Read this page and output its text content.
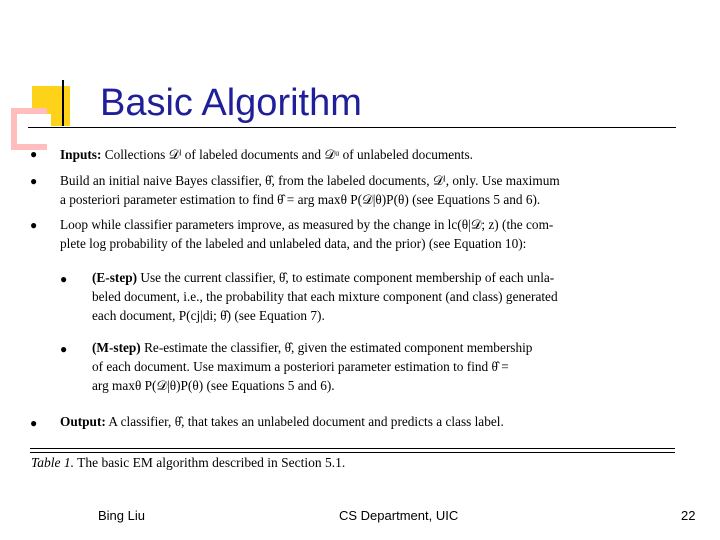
Basic Algorithm
● Inputs: Collections 𝒟ˡ of labeled documents and 𝒟ᵘ of unlabeled documents.
● Build an initial naive Bayes classifier, θ̂, from the labeled documents, 𝒟ˡ, only. Use maximum
a posteriori parameter estimation to find θ̂ = arg maxθ P(𝒟|θ)P(θ) (see Equations 5 and 6).
● Loop while classifier parameters improve, as measured by the change in lc(θ|𝒟; z) (the com-
plete log probability of the labeled and unlabeled data, and the prior) (see Equation 10):
● (E-step) Use the current classifier, θ̂, to estimate component membership of each unla-
beled document, i.e., the probability that each mixture component (and class) generated
each document, P(cj|di; θ̂) (see Equation 7).
● (M-step) Re-estimate the classifier, θ̂, given the estimated component membership
of each document. Use maximum a posteriori parameter estimation to find θ̂ =
arg maxθ P(𝒟|θ)P(θ) (see Equations 5 and 6).
● Output: A classifier, θ̂, that takes an unlabeled document and predicts a class label.
Table 1. The basic EM algorithm described in Section 5.1.
Bing Liu	CS Department, UIC	22
